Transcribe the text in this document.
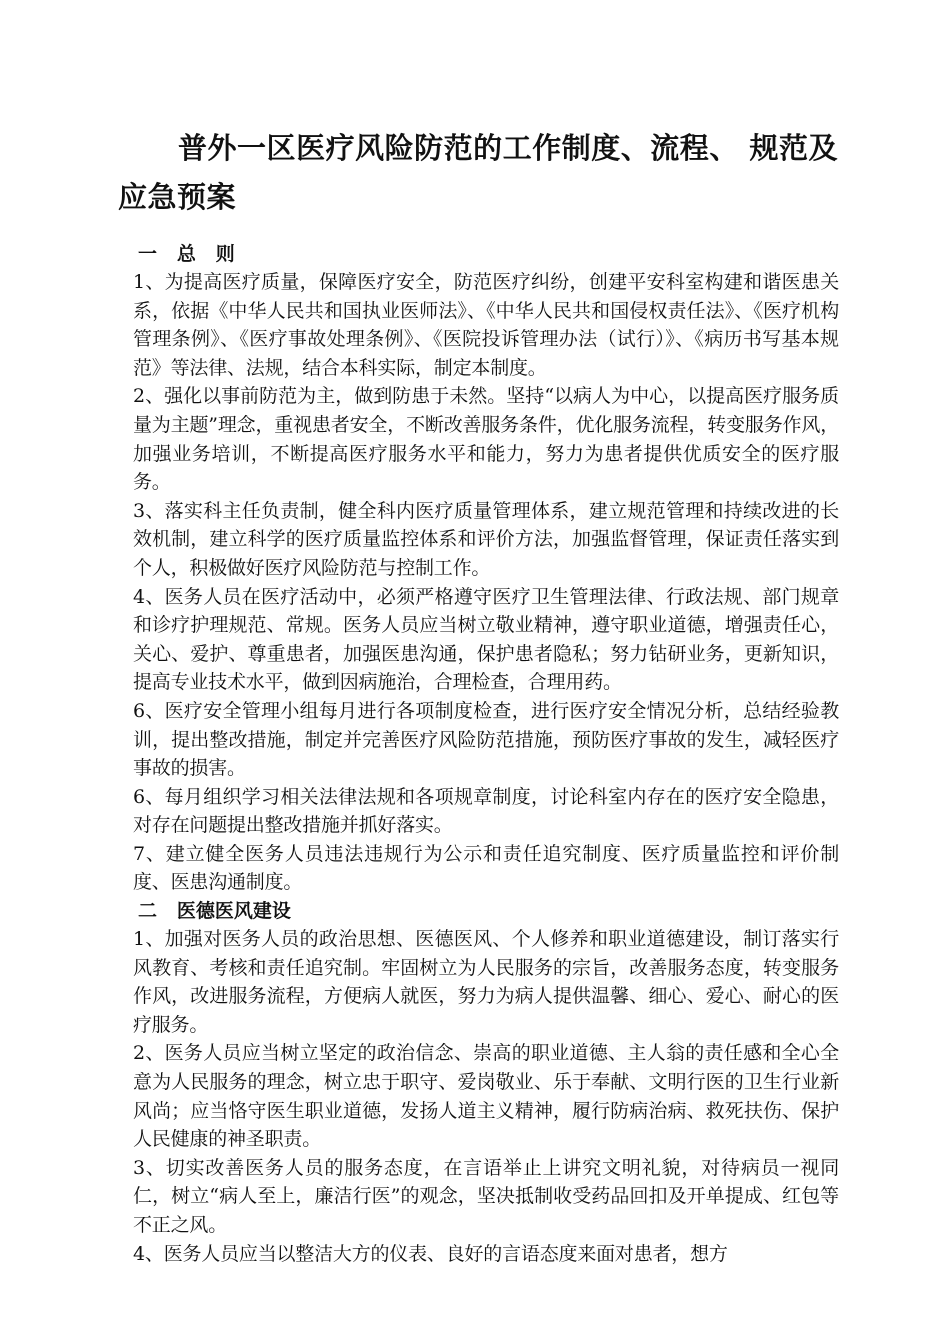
普外一区医疗风险防范的工作制度、流程、 规范及应急预案
一   总   则

1、为提高医疗质量，保障医疗安全，防范医疗纠纷，创建平安科室构建和谐医患关系，依据《中华人民共和国执业医师法》、《中华人民共和国侵权责任法》、《医疗机构管理条例》、《医疗事故处理条例》、《医院投诉管理办法（试行）》、《病历书写基本规范》等法律、法规，结合本科实际，制定本制度。

2、强化以事前防范为主，做到防患于未然。坚持“以病人为中心，以提高医疗服务质量为主题”理念，重视患者安全，不断改善服务条件，优化服务流程，转变服务作风，加强业务培训，不断提高医疗服务水平和能力，努力为患者提供优质安全的医疗服务。

3、落实科主任负责制，健全科内医疗质量管理体系，建立规范管理和持续改进的长效机制，建立科学的医疗质量监控体系和评价方法，加强监督管理，保证责任落实到个人，积极做好医疗风险防范与控制工作。

4、医务人员在医疗活动中，必须严格遵守医疗卫生管理法律、行政法规、部门规章和诊疗护理规范、常规。医务人员应当树立敬业精神，遵守职业道德，增强责任心，关心、爱护、尊重患者，加强医患沟通，保护患者隐私；努力钻研业务，更新知识，提高专业技术水平，做到因病施治，合理检查，合理用药。

6、医疗安全管理小组每月进行各项制度检查，进行医疗安全情况分析，总结经验教训，提出整改措施，制定并完善医疗风险防范措施，预防医疗事故的发生，减轻医疗事故的损害。

6、每月组织学习相关法律法规和各项规章制度，讨论科室内存在的医疗安全隐患，对存在问题提出整改措施并抓好落实。

7、建立健全医务人员违法违规行为公示和责任追究制度、医疗质量监控和评价制度、医患沟通制度。

二   医德医风建设

1、加强对医务人员的政治思想、医德医风、个人修养和职业道德建设，制订落实行风教育、考核和责任追究制。牢固树立为人民服务的宗旨，改善服务态度，转变服务作风，改进服务流程，方便病人就医，努力为病人提供温馨、细心、爱心、耐心的医疗服务。

2、医务人员应当树立坚定的政治信念、崇高的职业道德、主人翁的责任感和全心全意为人民服务的理念，树立忠于职守、爱岗敬业、乐于奉献、文明行医的卫生行业新风尚；应当恪守医生职业道德，发扬人道主义精神，履行防病治病、救死扶伤、保护人民健康的神圣职责。

3、切实改善医务人员的服务态度，在言语举止上讲究文明礼貌，对待病员一视同仁，树立“病人至上，廉洁行医”的观念，坚决抵制收受药品回扣及开单提成、红包等不正之风。

4、医务人员应当以整洁大方的仪表、良好的言语态度来面对患者，想方
